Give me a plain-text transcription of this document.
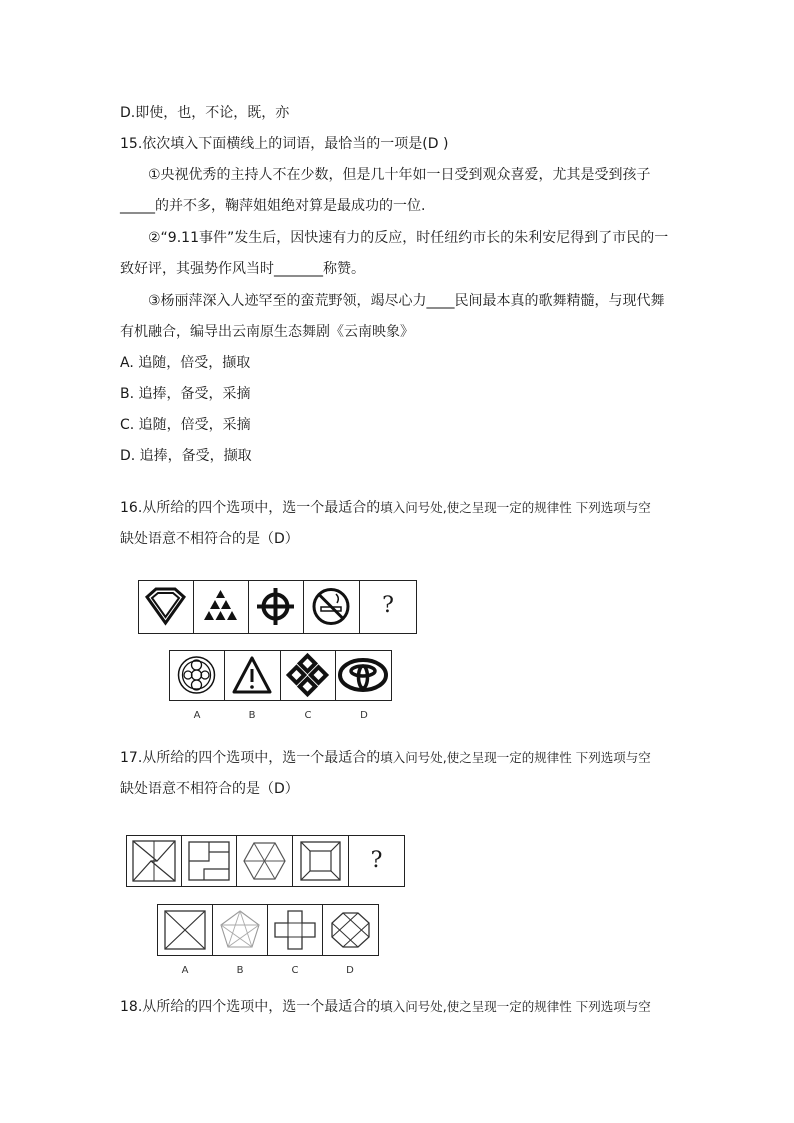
D.即使，也，不论，既，亦
15.依次填入下面横线上的词语，最恰当的一项是(D )
①央视优秀的主持人不在少数，但是几十年如一日受到观众喜爱，尤其是受到孩子
_____的并不多，鞠萍姐姐绝对算是最成功的一位.
②“9.11事件”发生后，因快速有力的反应，时任纽约市长的朱利安尼得到了市民的一
致好评，其强势作风当时_______称赞。
③杨丽萍深入人迹罕至的蛮荒野领，竭尽心力____民间最本真的歌舞精髓，与现代舞
有机融合，编导出云南原生态舞剧《云南映象》
A. 追随，倍受，撷取
B. 追捧，备受，采摘
C. 追随，倍受，采摘
D. 追捧，备受，撷取
16.从所给的四个选项中，选一个最适合的填入问号处,使之呈现一定的规律性 下列选项与空
缺处语意不相符合的是（D）
?
A	B	C	D
17.从所给的四个选项中，选一个最适合的填入问号处,使之呈现一定的规律性 下列选项与空
缺处语意不相符合的是（D）
?
A	B	C	D
18.从所给的四个选项中，选一个最适合的填入问号处,使之呈现一定的规律性 下列选项与空
